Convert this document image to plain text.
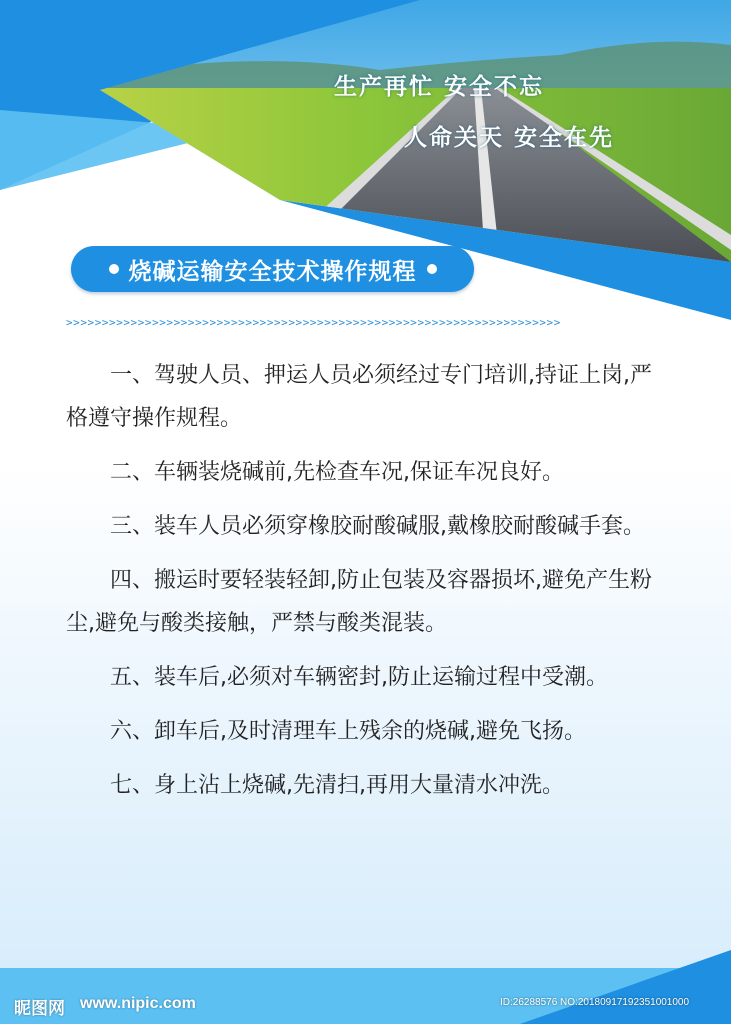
生产再忙 安全不忘
人命关天 安全在先
烧碱运输安全技术操作规程
>>>>>>>>>>>>>>>>>>>>>>>>>>>>>>>>>>>>>>>>>>>>>>>>>>>>>>>>>>>>>>>>>>>>>

一、驾驶人员、押运人员必须经过专门培训,持证上岗,严格遵守操作规程。

二、车辆装烧碱前,先检查车况,保证车况良好。

三、装车人员必须穿橡胶耐酸碱服,戴橡胶耐酸碱手套。

四、搬运时要轻装轻卸,防止包装及容器损坏,避免产生粉尘,避免与酸类接触，严禁与酸类混装。

五、装车后,必须对车辆密封,防止运输过程中受潮。

六、卸车后,及时清理车上残余的烧碱,避免飞扬。

七、身上沾上烧碱,先清扫,再用大量清水冲洗。

昵图网 www.nipic.com	ID:26288576 NO:20180917192351001000
